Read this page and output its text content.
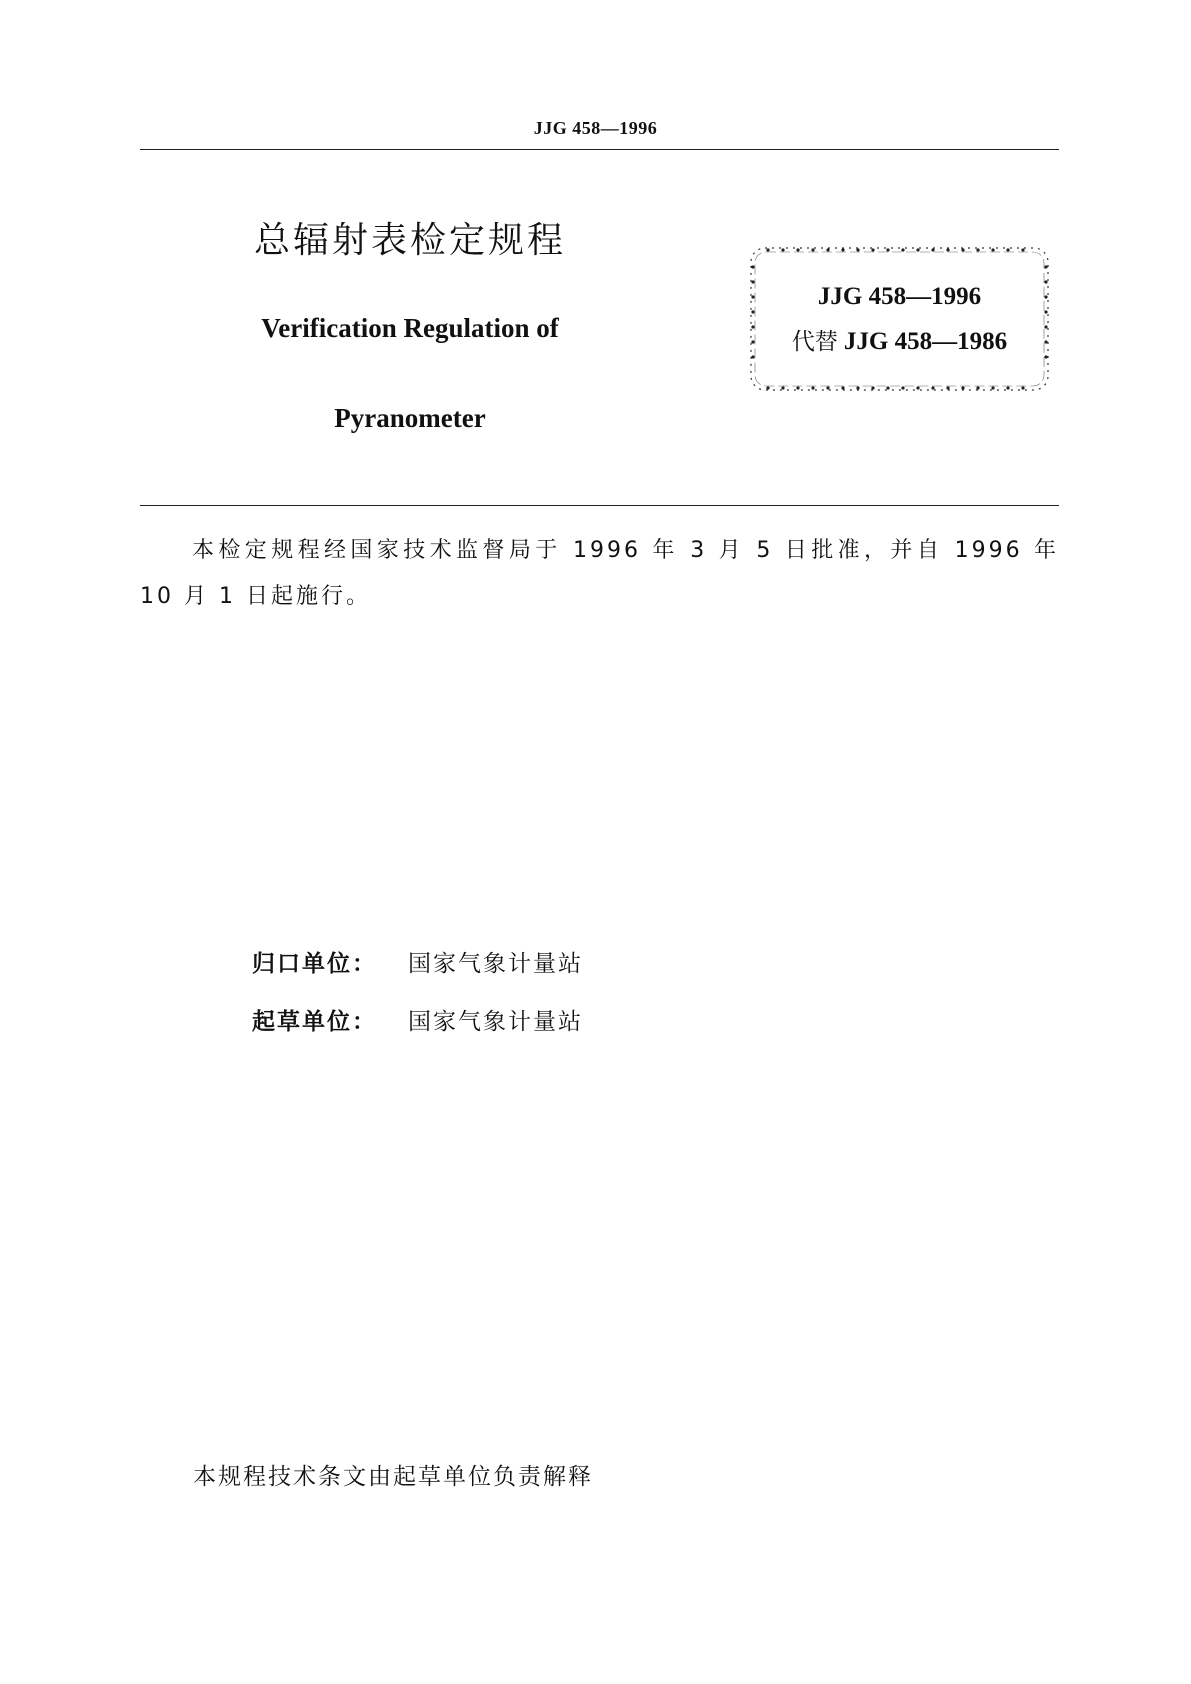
JJG 458—1996
总辐射表检定规程
Verification Regulation of
Pyranometer
JJG 458—1996
代替 JJG 458—1986
本检定规程经国家技术监督局于 1996 年 3 月 5 日批准，并自 1996 年 10 月 1 日起施行。
归口单位：	国家气象计量站
起草单位：	国家气象计量站
本规程技术条文由起草单位负责解释
